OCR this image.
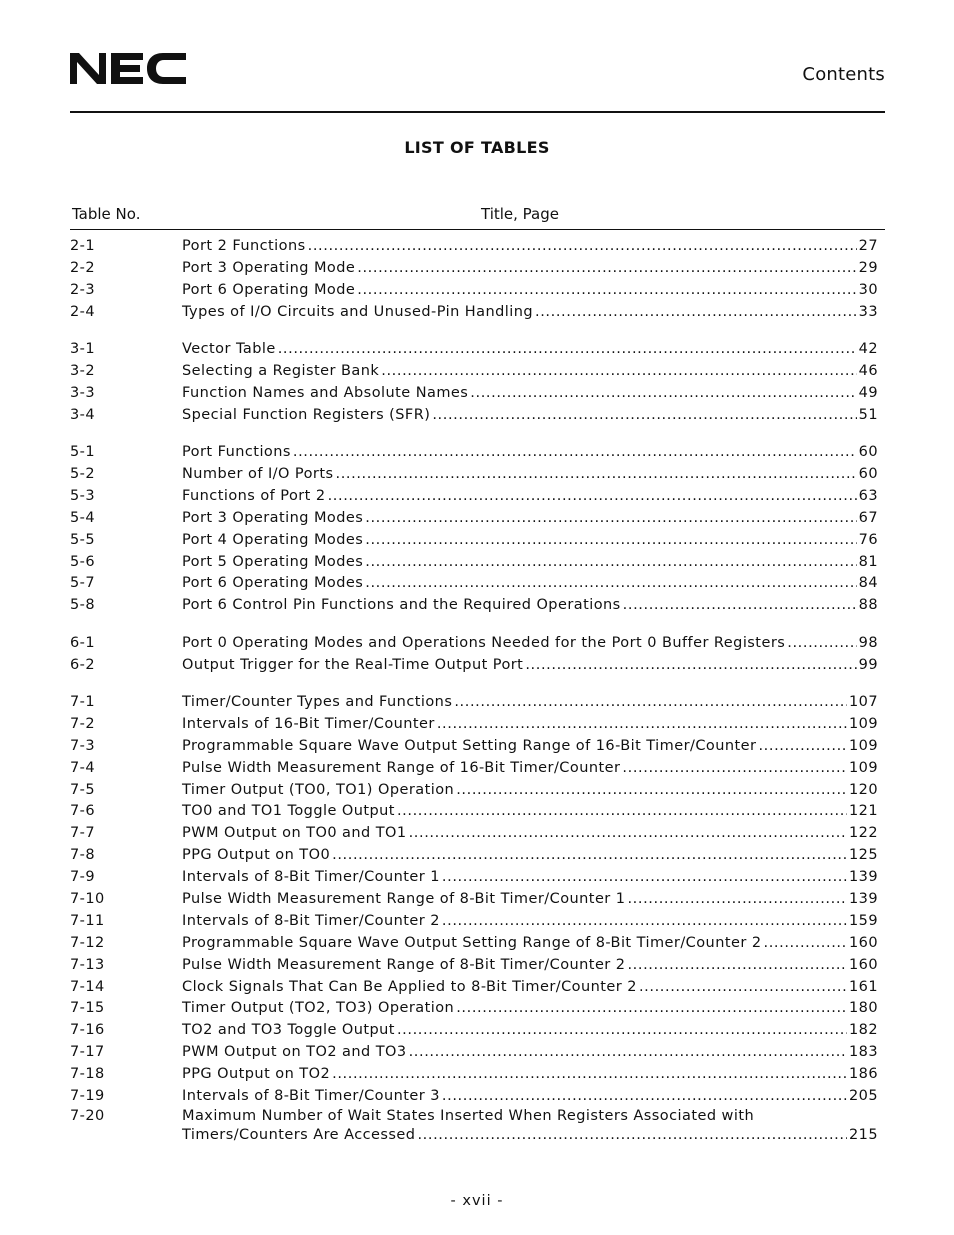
Contents
LIST OF TABLES
Table No.	Title, Page
2-1	Port 2 Functions .....	27
2-2	Port 3 Operating Mode .....	29
2-3	Port 6 Operating Mode .....	30
2-4	Types of I/O Circuits and Unused-Pin Handling .....	33
3-1	Vector Table .....	42
3-2	Selecting a Register Bank .....	46
3-3	Function Names and Absolute Names .....	49
3-4	Special Function Registers (SFR) .....	51
5-1	Port Functions .....	60
5-2	Number of I/O Ports .....	60
5-3	Functions of Port 2 .....	63
5-4	Port 3 Operating Modes .....	67
5-5	Port 4 Operating Modes .....	76
5-6	Port 5 Operating Modes .....	81
5-7	Port 6 Operating Modes .....	84
5-8	Port 6 Control Pin Functions and the Required Operations .....	88
6-1	Port 0 Operating Modes and Operations Needed for the Port 0 Buffer Registers .....	98
6-2	Output Trigger for the Real-Time Output Port .....	99
7-1	Timer/Counter Types and Functions .....	107
7-2	Intervals of 16-Bit Timer/Counter .....	109
7-3	Programmable Square Wave Output Setting Range of 16-Bit Timer/Counter .....	109
7-4	Pulse Width Measurement Range of 16-Bit Timer/Counter .....	109
7-5	Timer Output (TO0, TO1) Operation .....	120
7-6	TO0 and TO1 Toggle Output .....	121
7-7	PWM Output on TO0 and TO1 .....	122
7-8	PPG Output on TO0 .....	125
7-9	Intervals of 8-Bit Timer/Counter 1 .....	139
7-10	Pulse Width Measurement Range of 8-Bit Timer/Counter 1 .....	139
7-11	Intervals of 8-Bit Timer/Counter 2 .....	159
7-12	Programmable Square Wave Output Setting Range of 8-Bit Timer/Counter 2 .....	160
7-13	Pulse Width Measurement Range of 8-Bit Timer/Counter 2 .....	160
7-14	Clock Signals That Can Be Applied to 8-Bit Timer/Counter 2 .....	161
7-15	Timer Output (TO2, TO3) Operation .....	180
7-16	TO2 and TO3 Toggle Output .....	182
7-17	PWM Output on TO2 and TO3 .....	183
7-18	PPG Output on TO2 .....	186
7-19	Intervals of 8-Bit Timer/Counter 3 .....	205
7-20	Maximum Number of Wait States Inserted When Registers Associated with
Timers/Counters Are Accessed .....	215
- xvii -
